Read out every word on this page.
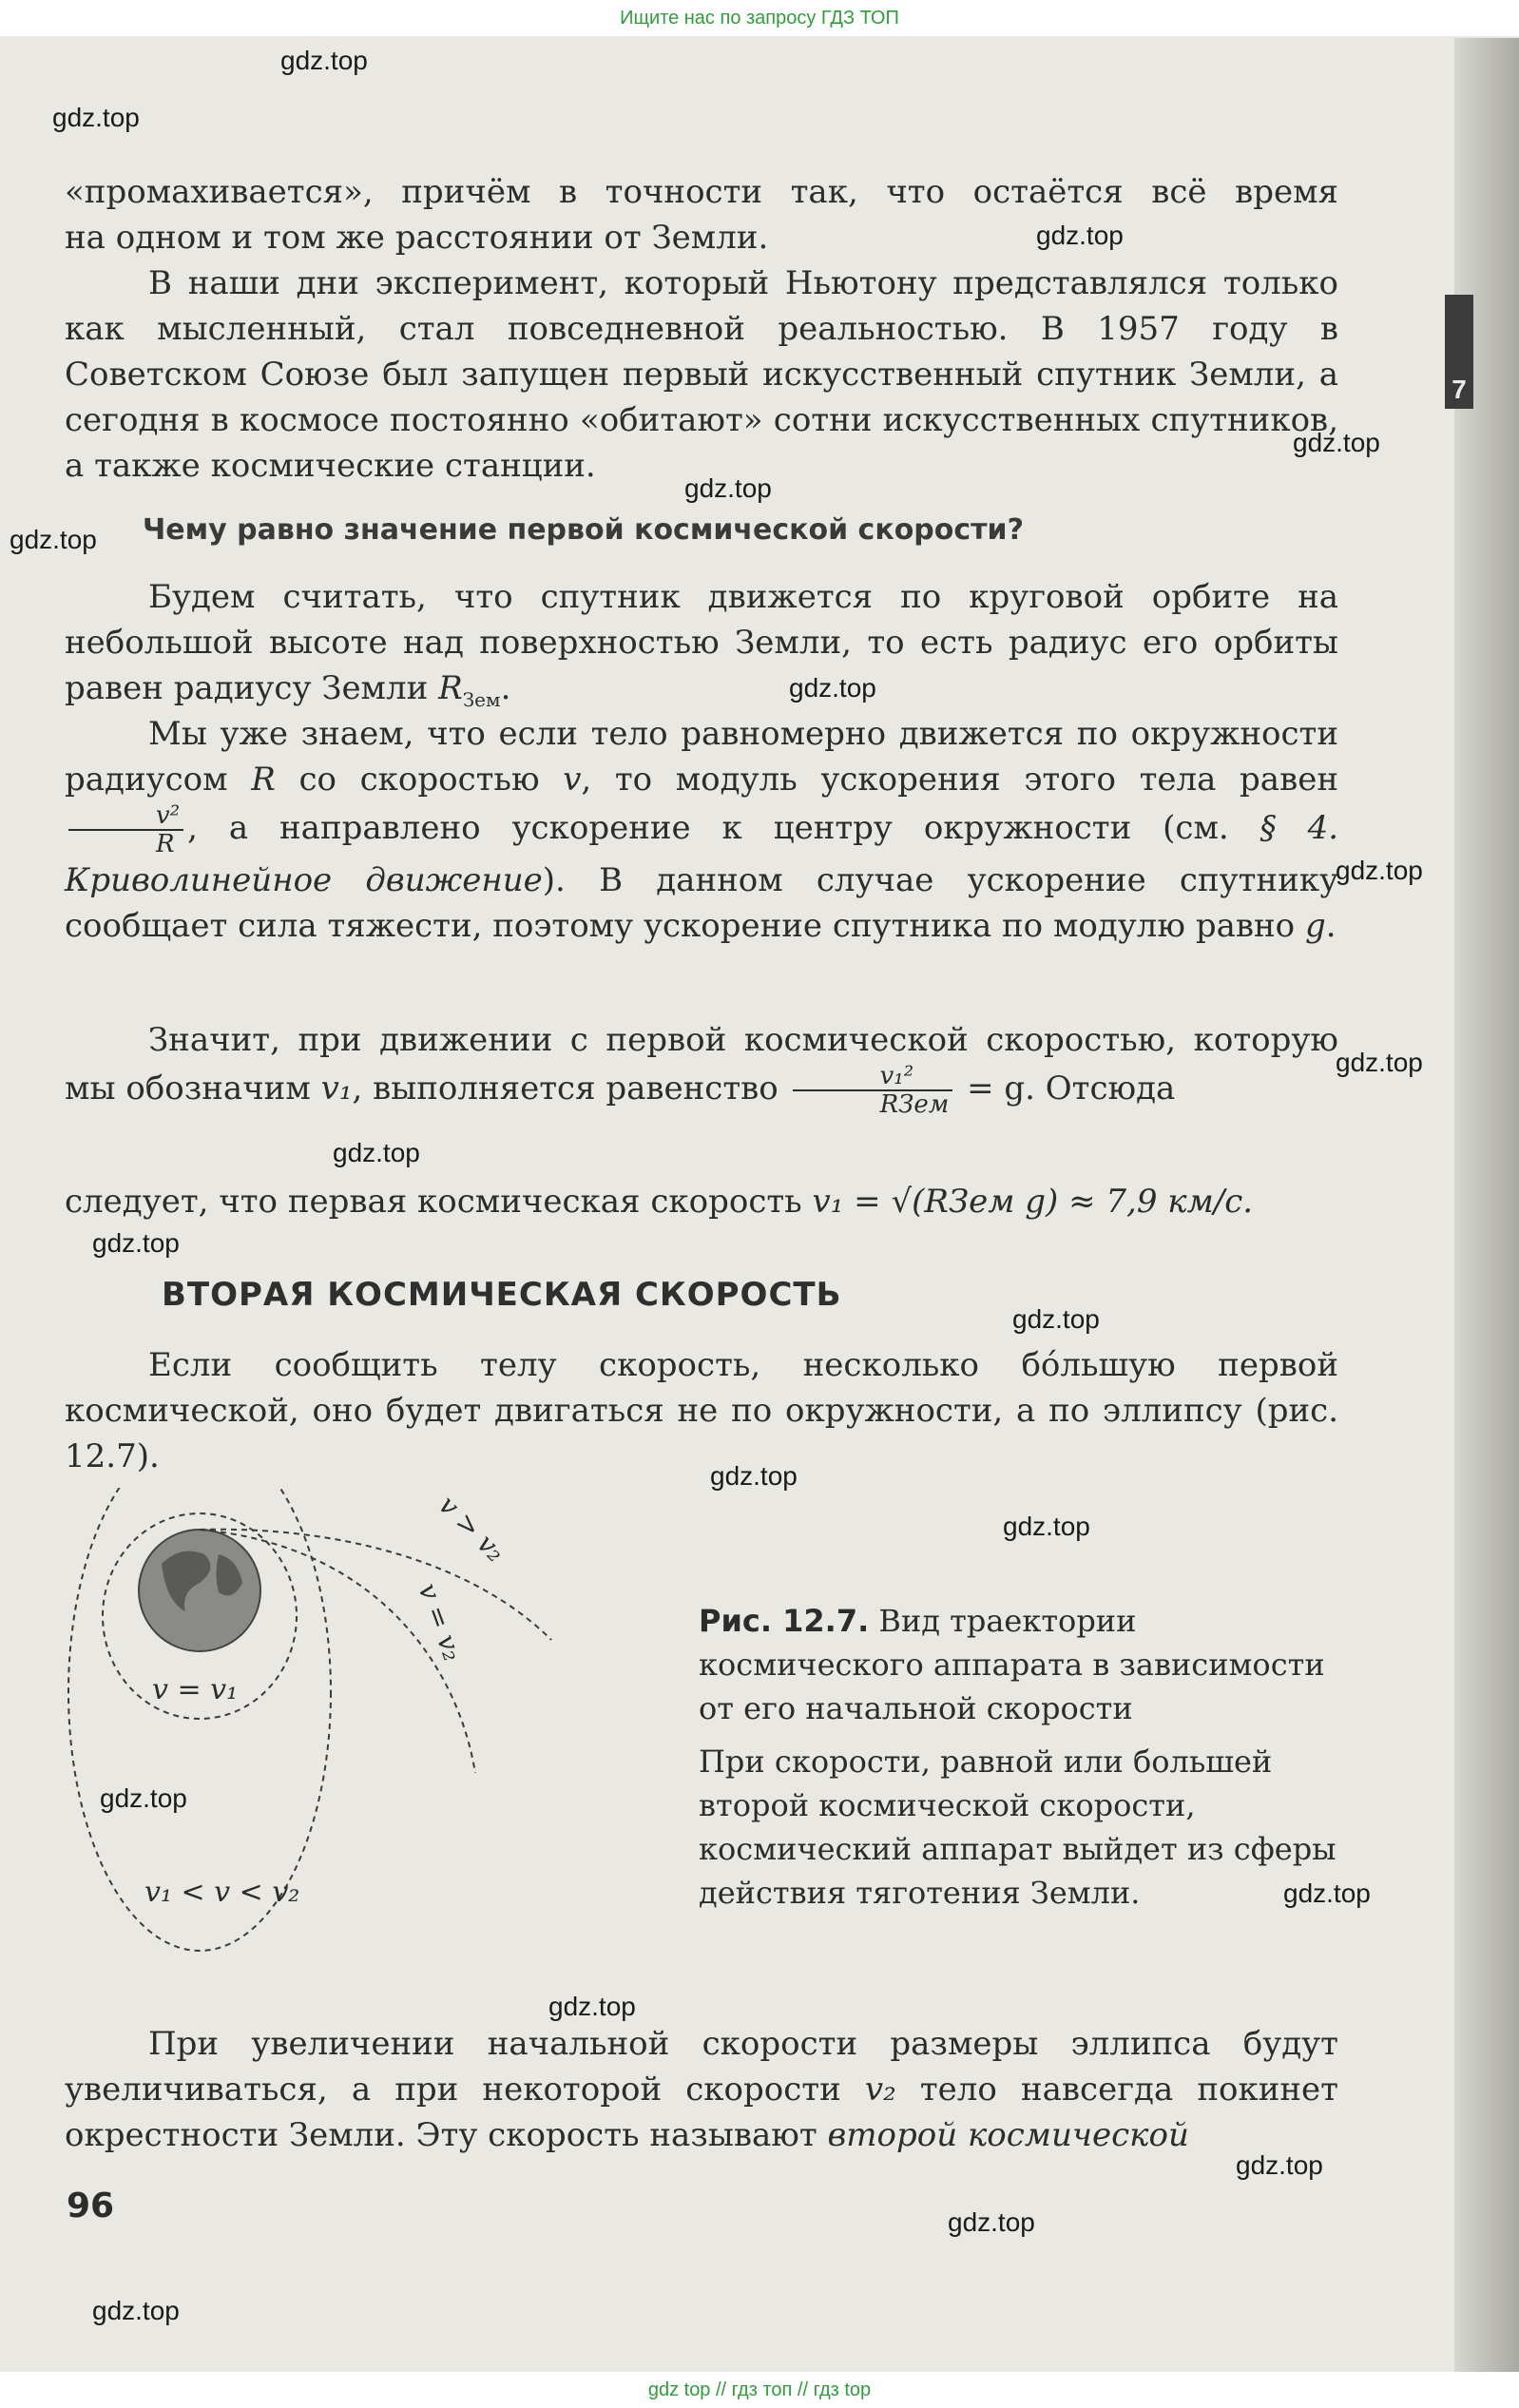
Ищите нас по запросу ГДЗ ТОП
7
gdz.top
gdz.top
gdz.top
gdz.top
gdz.top
gdz.top
gdz.top
gdz.top
gdz.top
gdz.top
gdz.top
gdz.top
gdz.top
gdz.top
gdz.top
gdz.top
gdz.top
gdz.top
gdz.top
gdz.top

«промахивается», причём в точности так, что остаётся всё время

на одном и том же расстоянии от Земли.

В наши дни эксперимент, который Ньютону представлялся только как мысленный, стал повседневной реальностью. В 1957 году в Советском Союзе был запущен первый искусственный спутник Земли, а сегодня в космосе постоянно «обитают» сотни искусственных спутников, а также космические станции.

Чему равно значение первой космической скорости?

Будем считать, что спутник движется по круговой орбите на небольшой высоте над поверхностью Земли, то есть радиус его орбиты равен радиусу Земли $R_{Зем}$.

Мы уже знаем, что если тело равномерно движется по окружности радиусом R со скоростью v, то модуль ускорения этого тела равен
$\frac{\text{v²}}{R}$ , а направлено ускорение к центру окружности (см. § 4. Криволинейное движение). В данном случае ускорение спутнику сообщает сила тяжести, поэтому ускорение спутника по модулю равно g.

Значит, при движении с первой космической скоростью, которую мы обозначим v₁, выполняется равенство $\frac{\text{v₁²}}{\text{RЗем}} = g$. Отсюда

следует, что первая космическая скорость v₁ = √(RЗем g) ≈ 7,9 км/с.
ВТОРАЯ КОСМИЧЕСКАЯ СКОРОСТЬ

Если сообщить телу скорость, несколько бо́льшую первой космической, оно будет двигаться не по окружности, а по эллипсу (рис. 12.7).

v = v₁
v₁ < v < v₂
v = v₂
v > v₂

Рис. 12.7. Вид траектории космического аппарата в зависимости от его начальной скорости

При скорости, равной или большей второй космической скорости, космический аппарат выйдет из сферы действия тяготения Земли.

При увеличении начальной скорости размеры эллипса будут увеличиваться, а при некоторой скорости v₂ тело навсегда покинет окрестности Земли. Эту скорость называют второй космической

96
gdz top // гдз топ // гдз top
